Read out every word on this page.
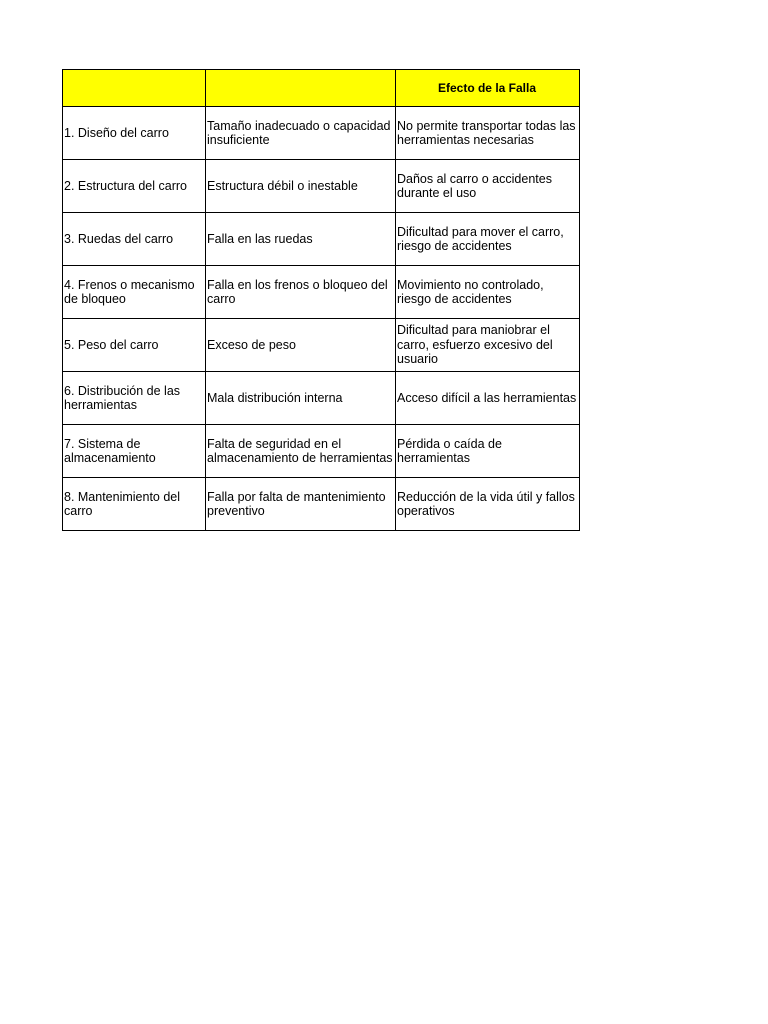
		Efecto de la Falla
1. Diseño del carro	Tamaño inadecuado o capacidad insuficiente	No permite transportar todas las herramientas necesarias
2. Estructura del carro	Estructura débil o inestable	Daños al carro o accidentes durante el uso
3. Ruedas del carro	Falla en las ruedas	Dificultad para mover el carro, riesgo de accidentes
4. Frenos o mecanismo de bloqueo	Falla en los frenos o bloqueo del carro	Movimiento no controlado, riesgo de accidentes
5. Peso del carro	Exceso de peso	Dificultad para maniobrar el carro, esfuerzo excesivo del usuario
6. Distribución de las herramientas	Mala distribución interna	Acceso difícil a las herramientas
7. Sistema de almacenamiento	Falta de seguridad en el almacenamiento de herramientas	Pérdida o caída de herramientas
8. Mantenimiento del carro	Falla por falta de mantenimiento preventivo	Reducción de la vida útil y fallos operativos
